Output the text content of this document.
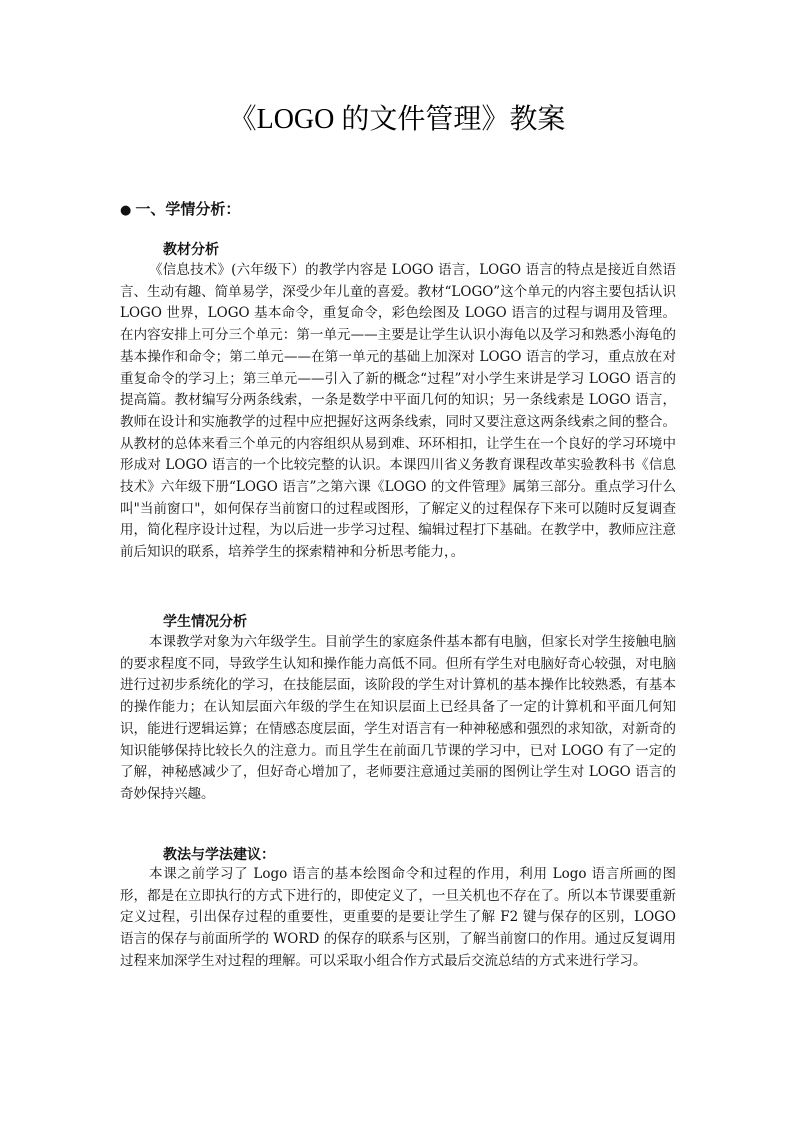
《LOGO 的文件管理》教案

● 一、学情分析：

教材分析

《信息技术》(六年级下）的教学内容是 LOGO 语言，LOGO 语言的特点是接近自然语言、生动有趣、简单易学，深受少年儿童的喜爱。教材“LOGO”这个单元的内容主要包括认识 LOGO 世界，LOGO 基本命令，重复命令，彩色绘图及 LOGO 语言的过程与调用及管理。在内容安排上可分三个单元：第一单元——主要是让学生认识小海龟以及学习和熟悉小海龟的基本操作和命令；第二单元——在第一单元的基础上加深对 LOGO 语言的学习，重点放在对重复命令的学习上；第三单元——引入了新的概念“过程”对小学生来讲是学习 LOGO 语言的提高篇。教材编写分两条线索，一条是数学中平面几何的知识；另一条线索是 LOGO 语言，教师在设计和实施教学的过程中应把握好这两条线索，同时又要注意这两条线索之间的整合。从教材的总体来看三个单元的内容组织从易到难、环环相扣，让学生在一个良好的学习环境中形成对 LOGO 语言的一个比较完整的认识。本课四川省义务教育课程改革实验教科书《信息技术》六年级下册“LOGO 语言”之第六课《LOGO 的文件管理》属第三部分。重点学习什么叫"当前窗口"，如何保存当前窗口的过程或图形，了解定义的过程保存下来可以随时反复调查用，简化程序设计过程，为以后进一步学习过程、编辑过程打下基础。在教学中，教师应注意前后知识的联系，培养学生的探索精神和分析思考能力，。

学生情况分析

本课教学对象为六年级学生。目前学生的家庭条件基本都有电脑，但家长对学生接触电脑的要求程度不同，导致学生认知和操作能力高低不同。但所有学生对电脑好奇心较强，对电脑进行过初步系统化的学习，在技能层面，该阶段的学生对计算机的基本操作比较熟悉，有基本的操作能力；在认知层面六年级的学生在知识层面上已经具备了一定的计算机和平面几何知识，能进行逻辑运算；在情感态度层面，学生对语言有一种神秘感和强烈的求知欲，对新奇的知识能够保持比较长久的注意力。而且学生在前面几节课的学习中，已对 LOGO 有了一定的了解，神秘感减少了，但好奇心增加了，老师要注意通过美丽的图例让学生对 LOGO 语言的奇妙保持兴趣。

教法与学法建议：

本课之前学习了 Logo 语言的基本绘图命令和过程的作用，利用 Logo 语言所画的图形，都是在立即执行的方式下进行的，即使定义了，一旦关机也不存在了。所以本节课要重新定义过程，引出保存过程的重要性，更重要的是要让学生了解 F2 键与保存的区别，LOGO 语言的保存与前面所学的 WORD 的保存的联系与区别，了解当前窗口的作用。通过反复调用过程来加深学生对过程的理解。可以采取小组合作方式最后交流总结的方式来进行学习。
